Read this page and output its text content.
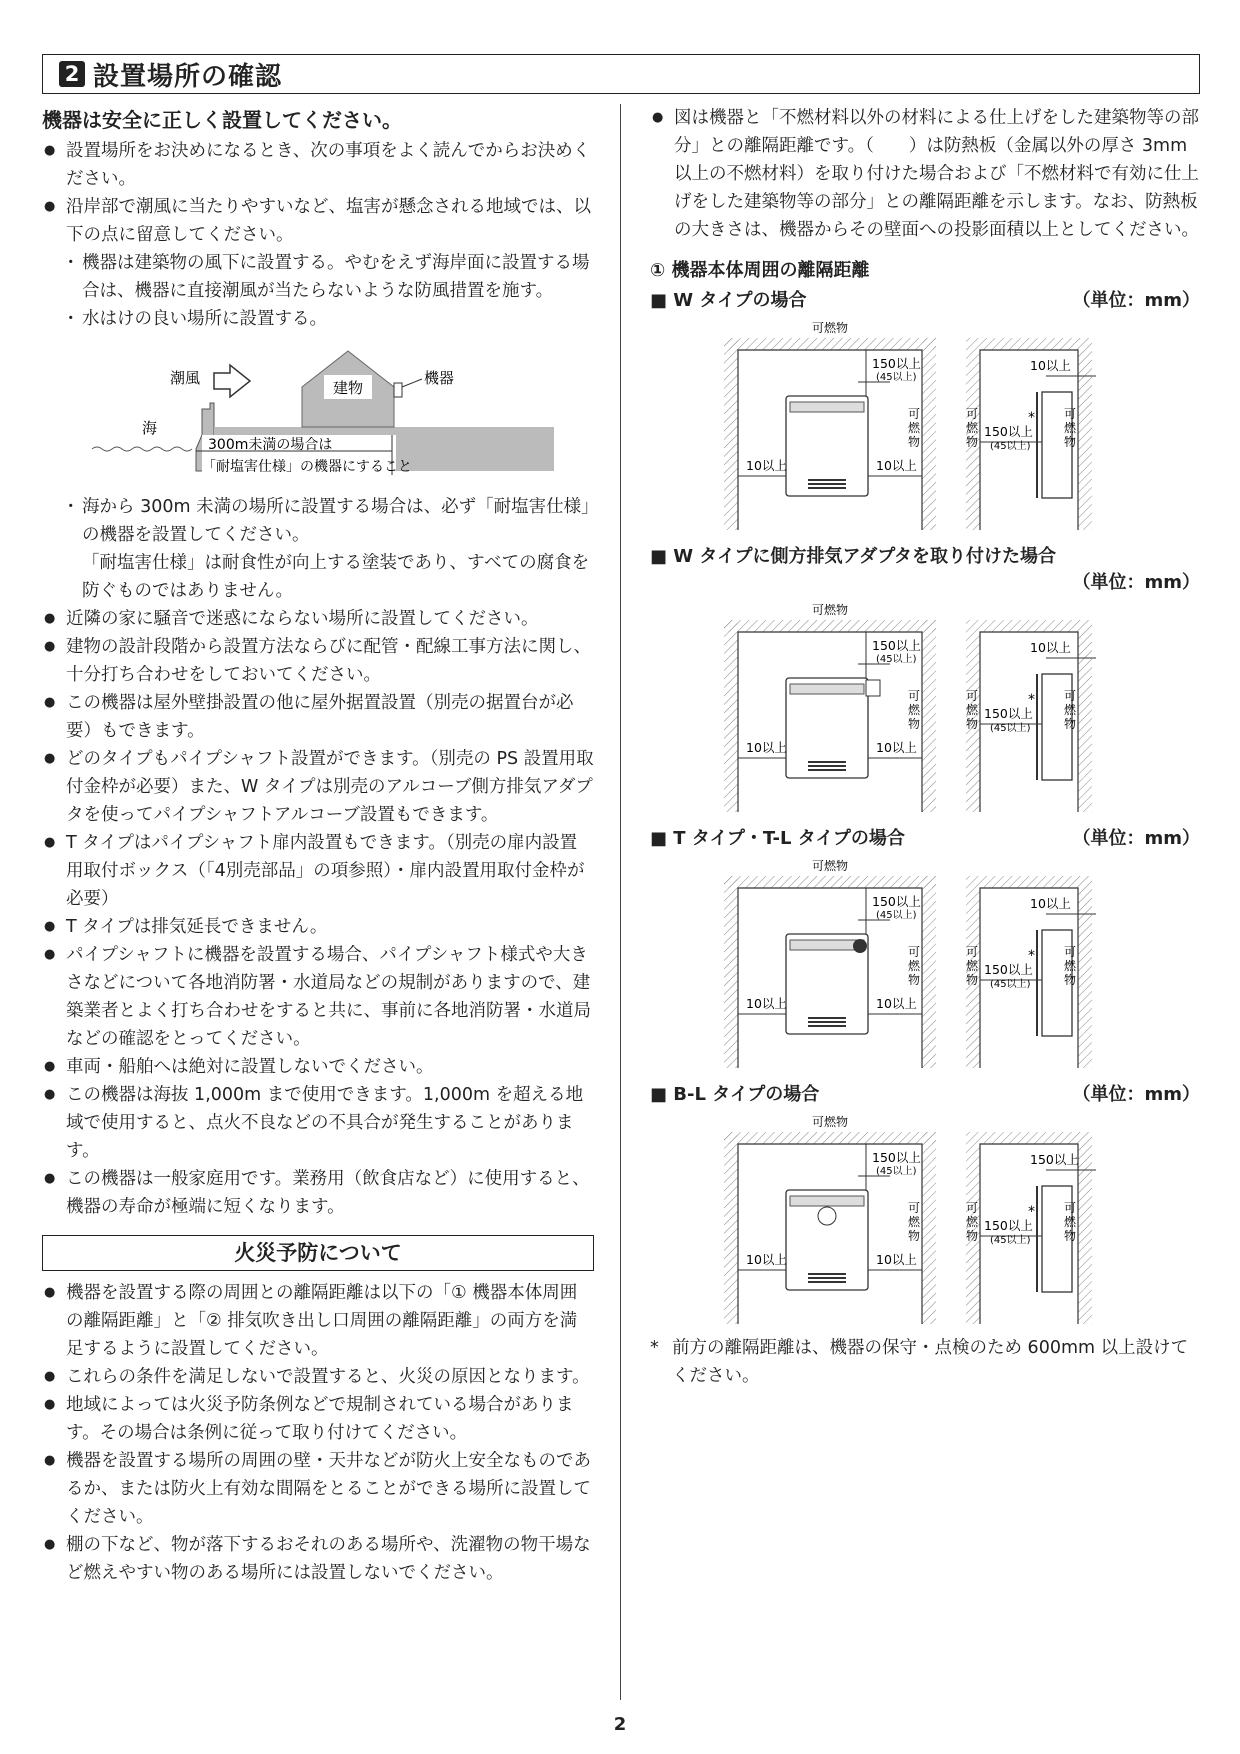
2 設置場所の確認
機器は安全に正しく設置してください。
● 設置場所をお決めになるとき、次の事項をよく読んでからお決めください。
● 沿岸部で潮風に当たりやすいなど、塩害が懸念される地域では、以下の点に留意してください。
・ 機器は建築物の風下に設置する。やむをえず海岸面に設置する場合は、機器に直接潮風が当たらないような防風措置を施す。
・ 水はけの良い場所に設置する。
潮風
海
建物
機器
300m未満の場合は
「耐塩害仕様」の機器にすること
・ 海から 300m 未満の場所に設置する場合は、必ず「耐塩害仕様」の機器を設置してください。
「耐塩害仕様」は耐食性が向上する塗装であり、すべての腐食を防ぐものではありません。
● 近隣の家に騒音で迷惑にならない場所に設置してください。
● 建物の設計段階から設置方法ならびに配管・配線工事方法に関し、十分打ち合わせをしておいてください。
● この機器は屋外壁掛設置の他に屋外据置設置（別売の据置台が必要）もできます。
● どのタイプもパイプシャフト設置ができます。（別売の PS 設置用取付金枠が必要）また、W タイプは別売のアルコーブ側方排気アダプタを使ってパイプシャフトアルコーブ設置もできます。
● T タイプはパイプシャフト扉内設置もできます。（別売の扉内設置用取付ボックス（「4別売部品」の項参照）・扉内設置用取付金枠が必要）
● T タイプは排気延長できません。
● パイプシャフトに機器を設置する場合、パイプシャフト様式や大きさなどについて各地消防署・水道局などの規制がありますので、建築業者とよく打ち合わせをすると共に、事前に各地消防署・水道局などの確認をとってください。
● 車両・船舶へは絶対に設置しないでください。
● この機器は海抜 1,000m まで使用できます。1,000m を超える地域で使用すると、点火不良などの不具合が発生することがあります。
● この機器は一般家庭用です。業務用（飲食店など）に使用すると、機器の寿命が極端に短くなります。
火災予防について
● 機器を設置する際の周囲との離隔距離は以下の「① 機器本体周囲の離隔距離」と「② 排気吹き出し口周囲の離隔距離」の両方を満足するように設置してください。
● これらの条件を満足しないで設置すると、火災の原因となります。
● 地域によっては火災予防条例などで規制されている場合があります。その場合は条例に従って取り付けてください。
● 機器を設置する場所の周囲の壁・天井などが防火上安全なものであるか、または防火上有効な間隔をとることができる場所に設置してください。
● 棚の下など、物が落下するおそれのある場所や、洗濯物の物干場など燃えやすい物のある場所には設置しないでください。
● 図は機器と「不燃材料以外の材料による仕上げをした建築物等の部分」との離隔距離です。（　　）は防熱板（金属以外の厚さ 3mm 以上の不燃材料）を取り付けた場合および「不燃材料で有効に仕上げをした建築物等の部分」との離隔距離を示します。なお、防熱板の大きさは、機器からその壁面への投影面積以上としてください。
① 機器本体周囲の離隔距離
■ W タイプの場合	（単位：mm）
可燃物
150以上
(45以上)
10以上	10以上
可
燃
物
150以上
(45以上)
*
10以上
可
燃
物
可
燃
物
■ W タイプに側方排気アダプタを取り付けた場合
（単位：mm）
可燃物
150以上
(45以上)
10以上	10以上
可
燃
物
150以上
(45以上)
*
10以上
可
燃
物
可
燃
物
■ T タイプ・T-L タイプの場合	（単位：mm）
可燃物
150以上
(45以上)
10以上	10以上
可
燃
物
150以上
(45以上)
*
10以上
可
燃
物
可
燃
物
■ B-L タイプの場合	（単位：mm）
可燃物
150以上
(45以上)
10以上	10以上
可
燃
物
150以上
(45以上)
*
150以上
可
燃
物
可
燃
物
* 前方の離隔距離は、機器の保守・点検のため 600mm 以上設けてください。
2
